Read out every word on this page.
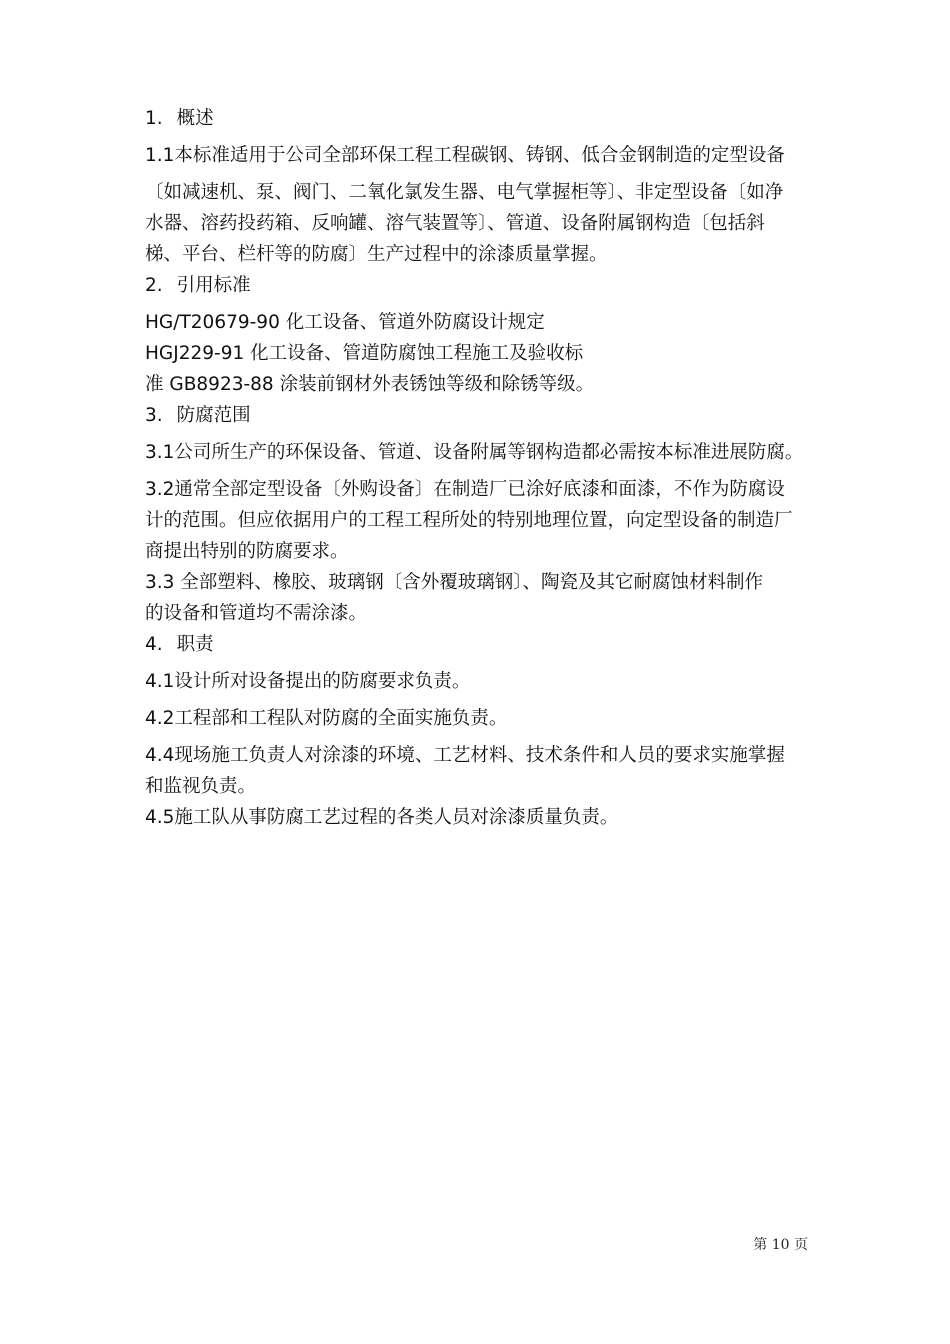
1. 概述

1.1本标准适用于公司全部环保工程工程碳钢、铸钢、低合金钢制造的定型设备

〔如减速机、泵、阀门、二氧化氯发生器、电气掌握柜等〕、非定型设备〔如净

水器、溶药投药箱、反响罐、溶气装置等〕、管道、设备附属钢构造〔包括斜

梯、平台、栏杆等的防腐〕生产过程中的涂漆质量掌握。

2. 引用标准

HG/T20679-90 化工设备、管道外防腐设计规定

HGJ229-91 化工设备、管道防腐蚀工程施工及验收标

准 GB8923-88 涂装前钢材外表锈蚀等级和除锈等级。

3. 防腐范围

3.1公司所生产的环保设备、管道、设备附属等钢构造都必需按本标准进展防腐。

3.2通常全部定型设备〔外购设备〕在制造厂已涂好底漆和面漆，不作为防腐设

计的范围。但应依据用户的工程工程所处的特别地理位置，向定型设备的制造厂

商提出特别的防腐要求。

3.3 全部塑料、橡胶、玻璃钢〔含外覆玻璃钢〕、陶瓷及其它耐腐蚀材料制作

的设备和管道均不需涂漆。

4. 职责

4.1设计所对设备提出的防腐要求负责。

4.2工程部和工程队对防腐的全面实施负责。

4.4现场施工负责人对涂漆的环境、工艺材料、技术条件和人员的要求实施掌握

和监视负责。

4.5施工队从事防腐工艺过程的各类人员对涂漆质量负责。

第 10 页
